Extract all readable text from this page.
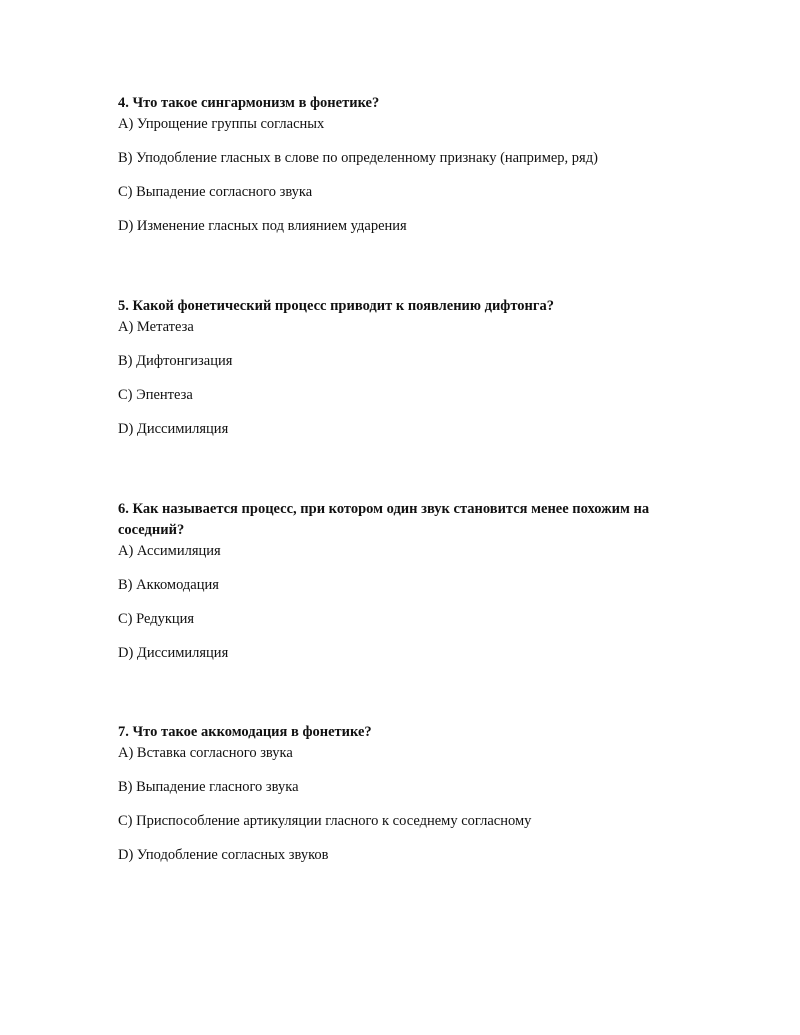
4. Что такое сингармонизм в фонетике?

A) Упрощение группы согласных

B) Уподобление гласных в слове по определенному признаку (например, ряд)

C) Выпадение согласного звука

D) Изменение гласных под влиянием ударения

5. Какой фонетический процесс приводит к появлению дифтонга?

A) Метатеза

B) Дифтонгизация

C) Эпентеза

D) Диссимиляция

6. Как называется процесс, при котором один звук становится менее похожим на соседний?

A) Ассимиляция

B) Аккомодация

C) Редукция

D) Диссимиляция

7. Что такое аккомодация в фонетике?

A) Вставка согласного звука

B) Выпадение гласного звука

C) Приспособление артикуляции гласного к соседнему согласному

D) Уподобление согласных звуков
